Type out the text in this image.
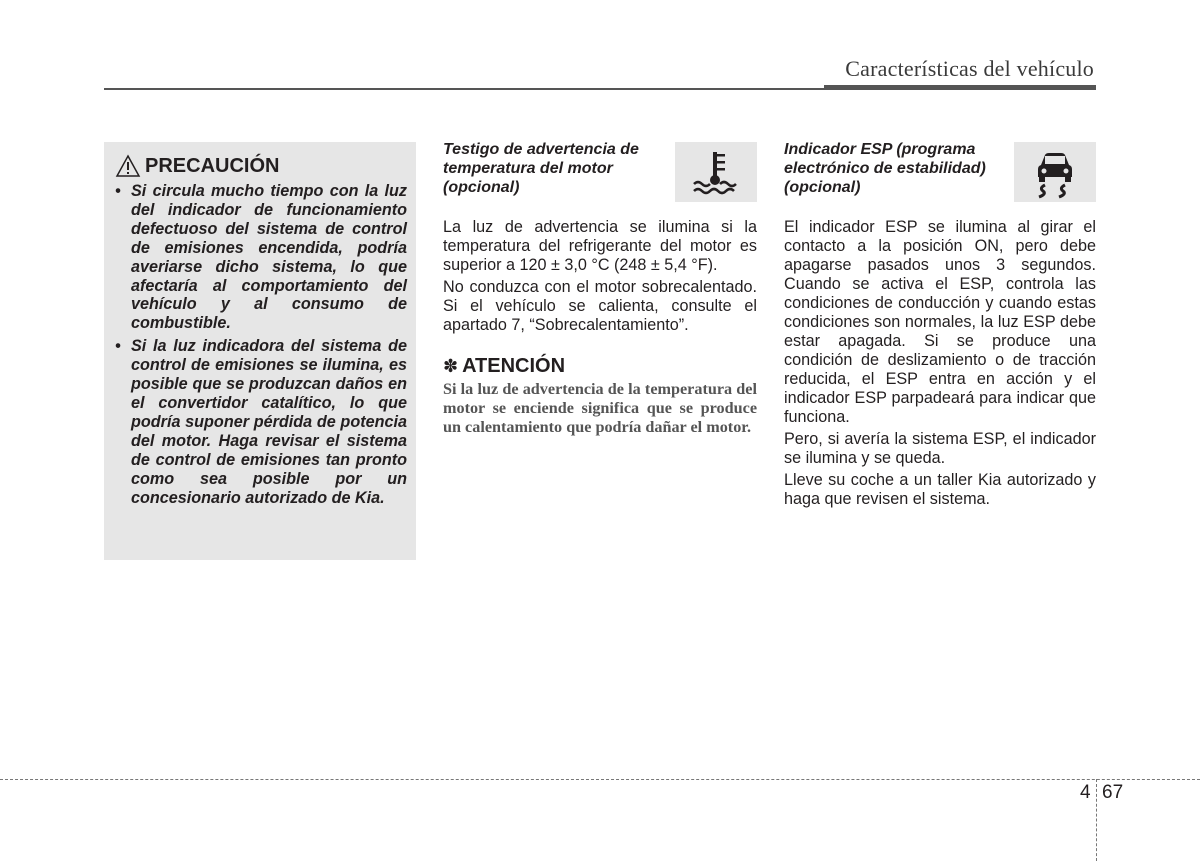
Características del vehículo
PRECAUCIÓN
• Si circula mucho tiempo con la luz del indicador de funcionamiento defectuoso del sistema de control de emisiones encendida, podría averiarse dicho sistema, lo que afectaría al comportamiento del vehículo y al consumo de combustible.
• Si la luz indicadora del sistema de control de emisiones se ilumina, es posible que se produzcan daños en el convertidor catalítico, lo que podría suponer pérdida de potencia del motor. Haga revisar el sistema de control de emisiones tan pronto como sea posible por un concesionario autorizado de Kia.
Testigo de advertencia de temperatura del motor (opcional)

La luz de advertencia se ilumina si la temperatura del refrigerante del motor es superior a 120 ± 3,0 °C (248 ± 5,4 °F).

No conduzca con el motor sobrecalentado. Si el vehículo se calienta, consulte el apartado 7, “Sobrecalentamiento”.

✽ ATENCIÓN

Si la luz de advertencia de la temperatura del motor se enciende significa que se produce un calentamiento que podría dañar el motor.

Indicador ESP (programa electrónico de estabilidad) (opcional)

El indicador ESP se ilumina al girar el contacto a la posición ON, pero debe apagarse pasados unos 3 segundos. Cuando se activa el ESP, controla las condiciones de conducción y cuando estas condiciones son normales, la luz ESP debe estar apagada. Si se produce una condición de deslizamiento o de tracción reducida, el ESP entra en acción y el indicador ESP parpadeará para indicar que funciona.

Pero, si avería la sistema ESP, el indicador se ilumina y se queda.

Lleve su coche a un taller Kia autorizado y haga que revisen el sistema.

4 67
